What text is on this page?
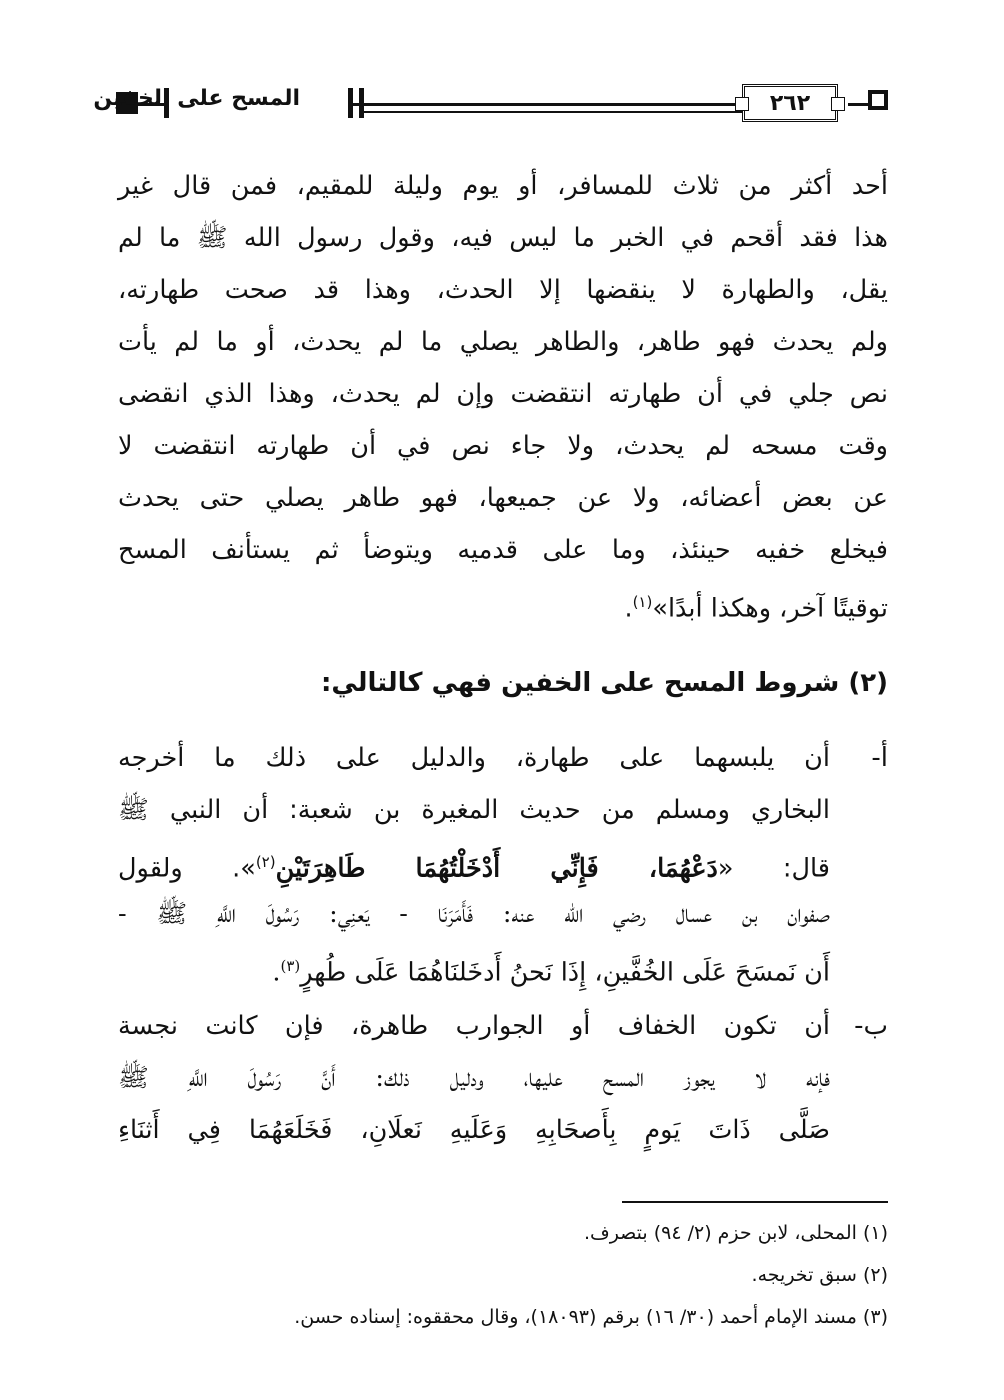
المسح على الخفين	٢٦٢
أحد أكثر من ثلاث للمسافر، أو يوم وليلة للمقيم، فمن قال غير
هذا فقد أقحم في الخبر ما ليس فيه، وقول رسول الله ﷺ ما لم
يقل، والطهارة لا ينقضها إلا الحدث، وهذا قد صحت طهارته،
ولم يحدث فهو طاهر، والطاهر يصلي ما لم يحدث، أو ما لم يأت
نص جلي في أن طهارته انتقضت وإن لم يحدث، وهذا الذي انقضى
وقت مسحه لم يحدث، ولا جاء نص في أن طهارته انتقضت لا
عن بعض أعضائه، ولا عن جميعها، فهو طاهر يصلي حتى يحدث
فيخلع خفيه حينئذ، وما على قدميه ويتوضأ ثم يستأنف المسح
توقيتًا آخر، وهكذا أبدًا»$^{(١)}$.
(٢) شروط المسح على الخفين فهي كالتالي:
أ-
أن يلبسهما على طهارة، والدليل على ذلك ما أخرجه
البخاري ومسلم من حديث المغيرة بن شعبة: أن النبي ﷺ
قال: «دَعْهُمَا، فَإِنِّي أَدْخَلْتُهُمَا طَاهِرَتَيْنِ$^{(٢)}$». ولقول
صفوان بن عسال رضي الله عنه: فَأَمَرَنَا - يَعنِي: رَسُولَ اللَّهِ ﷺ -
أَن نَمسَحَ عَلَى الخُفَّينِ، إِذَا نَحنُ أَدخَلنَاهُمَا عَلَى طُهرٍ$^{(٣)}$.
ب-
أن تكون الخفاف أو الجوارب طاهرة، فإن كانت نجسة
فإنه لا يجوز المسح عليها، ودليل ذلك: أَنَّ رَسُولَ اللَّهِ ﷺ
صَلَّى ذَاتَ يَومٍ بِأَصحَابِهِ وَعَلَيهِ نَعلَانِ، فَخَلَعَهُمَا فِي أَثنَاءِ
(١) المحلى، لابن حزم (٢/ ٩٤) بتصرف.
(٢) سبق تخريجه.
(٣) مسند الإمام أحمد (٣٠/ ١٦) برقم (١٨٠٩٣)، وقال محققوه: إسناده حسن.
